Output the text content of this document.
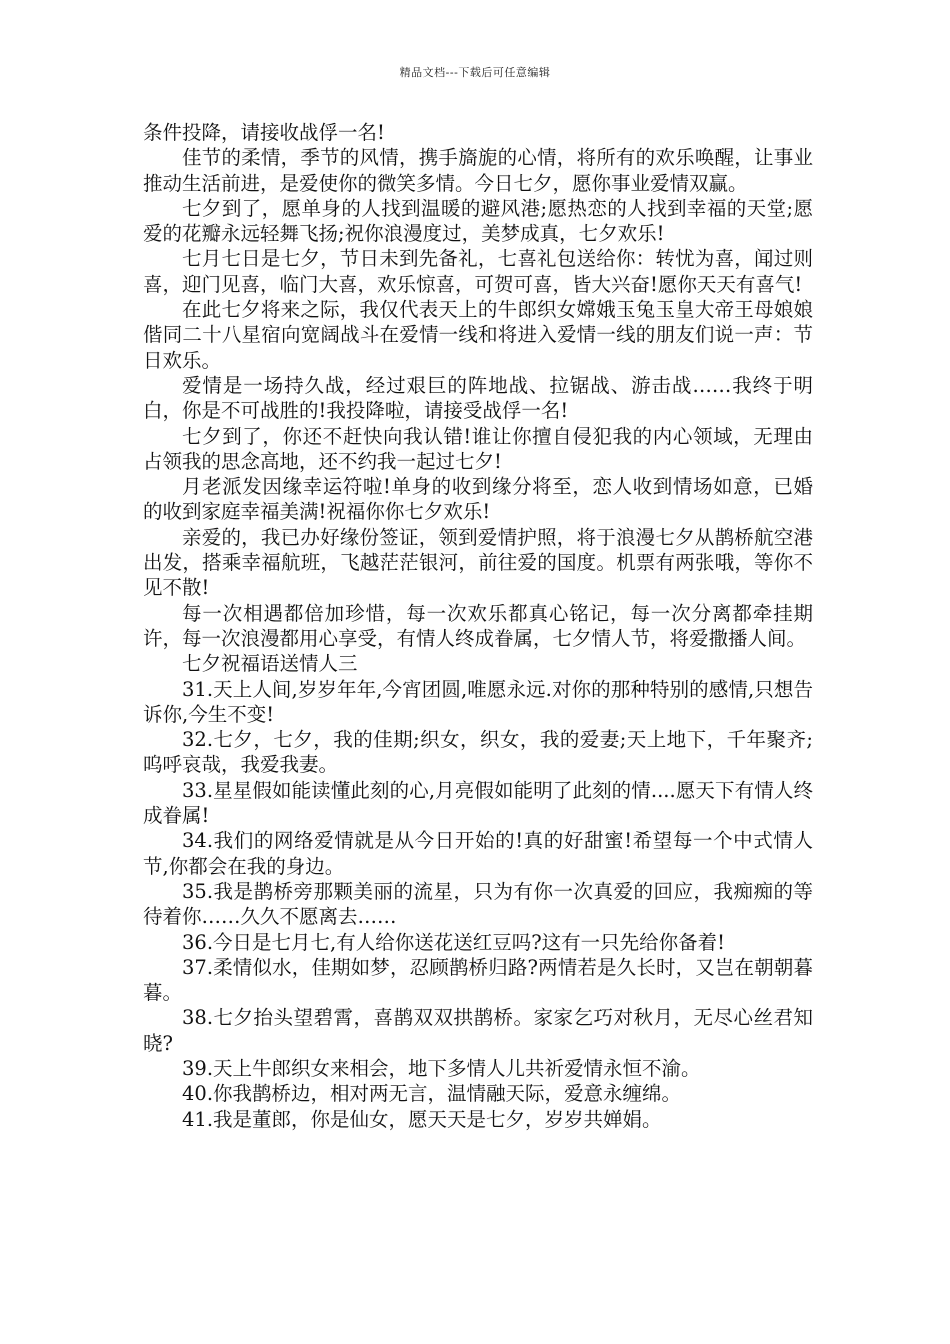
精品文档---下载后可任意编辑

条件投降，请接收战俘一名!

佳节的柔情，季节的风情，携手旖旎的心情，将所有的欢乐唤醒，让事业推动生活前进，是爱使你的微笑多情。今日七夕，愿你事业爱情双赢。

七夕到了，愿单身的人找到温暖的避风港;愿热恋的人找到幸福的天堂;愿爱的花瓣永远轻舞飞扬;祝你浪漫度过，美梦成真，七夕欢乐!

七月七日是七夕，节日未到先备礼，七喜礼包送给你：转忧为喜，闻过则喜，迎门见喜，临门大喜，欢乐惊喜，可贺可喜，皆大兴奋!愿你天天有喜气!

在此七夕将来之际，我仅代表天上的牛郎织女嫦娥玉兔玉皇大帝王母娘娘偕同二十八星宿向宽阔战斗在爱情一线和将进入爱情一线的朋友们说一声：节日欢乐。

爱情是一场持久战，经过艰巨的阵地战、拉锯战、游击战……我终于明白，你是不可战胜的!我投降啦，请接受战俘一名!

七夕到了，你还不赶快向我认错!谁让你擅自侵犯我的内心领域，无理由占领我的思念高地，还不约我一起过七夕!

月老派发因缘幸运符啦!单身的收到缘分将至，恋人收到情场如意，已婚的收到家庭幸福美满!祝福你你七夕欢乐!

亲爱的，我已办好缘份签证，领到爱情护照，将于浪漫七夕从鹊桥航空港出发，搭乘幸福航班，飞越茫茫银河，前往爱的国度。机票有两张哦，等你不见不散!

每一次相遇都倍加珍惜，每一次欢乐都真心铭记，每一次分离都牵挂期许，每一次浪漫都用心享受，有情人终成眷属，七夕情人节，将爱撒播人间。

七夕祝福语送情人三

31.天上人间,岁岁年年,今宵团圆,唯愿永远.对你的那种特别的感情,只想告诉你,今生不变!

32.七夕，七夕，我的佳期;织女，织女，我的爱妻;天上地下，千年聚齐;呜呼哀哉，我爱我妻。

33.星星假如能读懂此刻的心,月亮假如能明了此刻的情....愿天下有情人终成眷属!

34.我们的网络爱情就是从今日开始的!真的好甜蜜!希望每一个中式情人节,你都会在我的身边。

35.我是鹊桥旁那颗美丽的流星，只为有你一次真爱的回应，我痴痴的等待着你……久久不愿离去……

36.今日是七月七,有人给你送花送红豆吗?这有一只先给你备着!

37.柔情似水，佳期如梦，忍顾鹊桥归路?两情若是久长时，又岂在朝朝暮暮。

38.七夕抬头望碧霄，喜鹊双双拱鹊桥。家家乞巧对秋月，无尽心丝君知晓?

39.天上牛郎织女来相会，地下多情人儿共祈爱情永恒不渝。

40.你我鹊桥边，相对两无言，温情融天际，爱意永缠绵。

41.我是董郎，你是仙女，愿天天是七夕，岁岁共婵娟。
